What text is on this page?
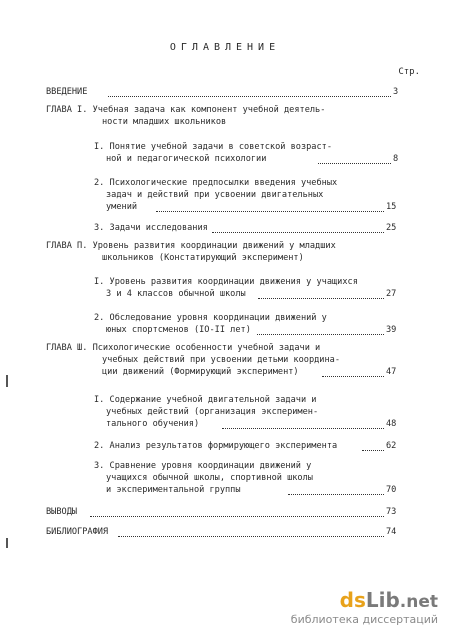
ОГЛАВЛЕНИЕ
Стр.
ВВЕДЕНИЕ	3
ГЛАВА I. Учебная задача как компонент учебной деятель-
ности младших школьников
I. Понятие учебной задачи в советской возраст-
ной и педагогической психологии	8
2. Психологические предпосылки введения учебных
задач и действий при усвоении двигательных
умений	15
3. Задачи исследования	25
ГЛАВА П. Уровень развития координации движений у младших
школьников (Констатирующий эксперимент)
I. Уровень развития координации движения у учащихся
3 и 4 классов обычной школы	27
2. Обследование уровня координации движений у
юных спортсменов (IO-II лет)	39
ГЛАВА Ш. Психологические особенности учебной задачи и
учебных действий при усвоении детьми координа-
ции движений (Формирующий эксперимент)	47
I. Содержание учебной двигательной задачи и
учебных действий (организация эксперимен-
тального обучения)	48
2. Анализ результатов формирующего эксперимента	62
3. Сравнение уровня координации движений у
учащихся обычной школы, спортивной школы
и экспериментальной группы	70
ВЫВОДЫ	73
БИБЛИОГРАФИЯ	74
dsLib.net
библиотека диссертаций
